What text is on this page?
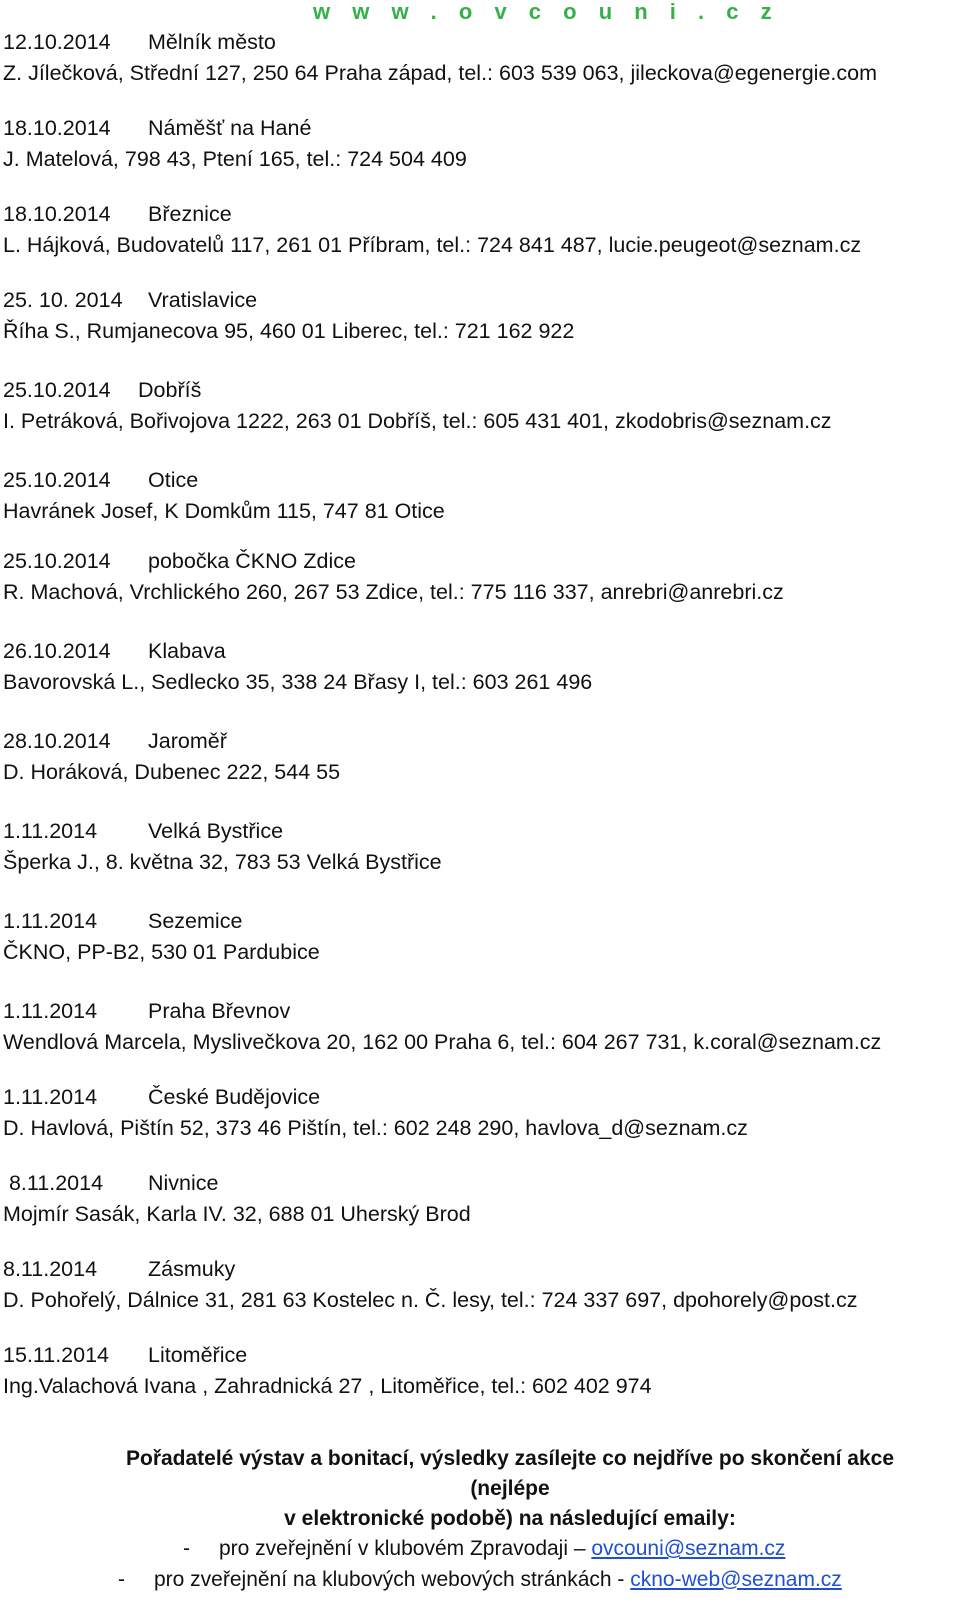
w w w . o v c o u n i . c z
12.10.2014 Mělník město
Z. Jílečková, Střední 127, 250 64 Praha západ, tel.: 603 539 063, jileckova@egenergie.com
18.10.2014 Náměšť na Hané
J. Matelová, 798 43, Ptení 165, tel.: 724 504 409
18.10.2014 Březnice
L. Hájková, Budovatelů 117, 261 01 Příbram, tel.: 724 841 487, lucie.peugeot@seznam.cz
25. 10. 2014 Vratislavice
Říha S., Rumjanecova 95, 460 01 Liberec, tel.: 721 162 922
25.10.2014 Dobříš
I. Petráková, Bořivojova 1222, 263 01 Dobříš, tel.: 605 431 401, zkodobris@seznam.cz
25.10.2014 Otice
Havránek Josef, K Domkům 115, 747 81 Otice
25.10.2014 pobočka ČKNO Zdice
R. Machová, Vrchlického 260, 267 53 Zdice, tel.: 775 116 337, anrebri@anrebri.cz
26.10.2014 Klabava
Bavorovská L., Sedlecko 35, 338 24 Břasy I, tel.: 603 261 496
28.10.2014 Jaroměř
D. Horáková, Dubenec 222, 544 55
1.11.2014 Velká Bystřice
Šperka J., 8. května 32, 783 53 Velká Bystřice
1.11.2014 Sezemice
ČKNO, PP-B2, 530 01 Pardubice
1.11.2014 Praha Břevnov
Wendlová Marcela, Myslivečkova 20, 162 00 Praha 6, tel.: 604 267 731, k.coral@seznam.cz
1.11.2014 České Budějovice
D. Havlová, Pištín 52, 373 46 Pištín, tel.: 602 248 290, havlova_d@seznam.cz
8.11.2014 Nivnice
Mojmír Sasák, Karla IV. 32, 688 01 Uherský Brod
8.11.2014 Zásmuky
D. Pohořelý, Dálnice 31, 281 63 Kostelec n. Č. lesy, tel.: 724 337 697, dpohorely@post.cz
15.11.2014 Litoměřice
Ing.Valachová Ivana , Zahradnická 27 , Litoměřice, tel.: 602 402 974
Pořadatelé výstav a bonitací, výsledky zasílejte co nejdříve po skončení akce (nejlépe
v elektronické podobě) na následující emaily:
- pro zveřejnění v klubovém Zpravodaji – ovcouni@seznam.cz
- pro zveřejnění na klubových webových stránkách - ckno-web@seznam.cz
